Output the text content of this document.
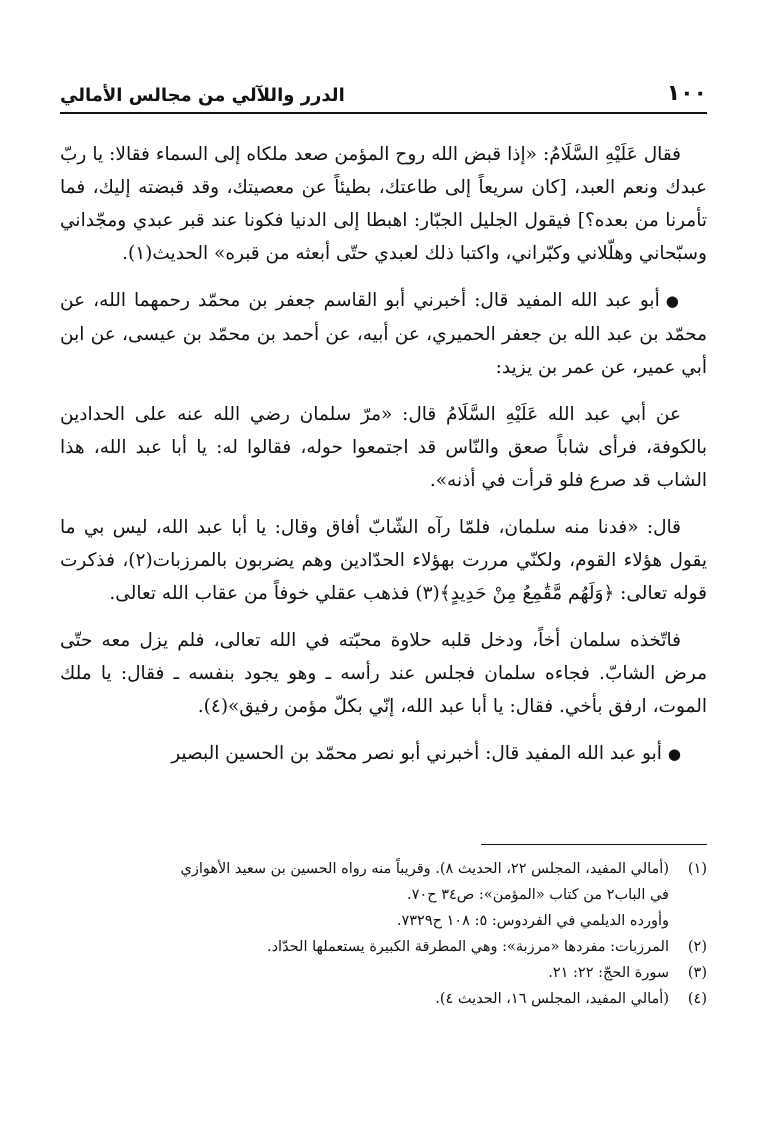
١٠٠
الدرر واللآلي من مجالس الأمالي

فقال عَلَيْهِ السَّلَامُ: «إذا قبض الله روح المؤمن صعد ملكاه إلى السماء فقالا: يا ربّ عبدك ونعم العبد، [كان سريعاً إلى طاعتك، بطيئاً عن معصيتك، وقد قبضته إليك، فما تأمرنا من بعده؟] فيقول الجليل الجبّار: اهبطا إلى الدنيا فكونا عند قبر عبدي ومجّداني وسبّحاني وهلّلاني وكبّراني، واكتبا ذلك لعبدي حتّى أبعثه من قبره» الحديث(١).

●أبو عبد الله المفيد قال: أخبرني أبو القاسم جعفر بن محمّد رحمهما الله، عن محمّد بن عبد الله بن جعفر الحميري، عن أبيه، عن أحمد بن محمّد بن عيسى، عن ابن أبي عمير، عن عمر بن يزيد:

عن أبي عبد الله عَلَيْهِ السَّلَامُ قال: «مرّ سلمان رضي الله عنه على الحدادين بالكوفة، فرأى شاباً صعق والنّاس قد اجتمعوا حوله، فقالوا له: يا أبا عبد الله، هذا الشاب قد صرع فلو قرأت في أذنه».

قال: «فدنا منه سلمان، فلمّا رآه الشّابّ أفاق وقال: يا أبا عبد الله، ليس بي ما يقول هؤلاء القوم، ولكنّي مررت بهؤلاء الحدّادين وهم يضربون بالمرزبات(٢)، فذكرت قوله تعالى: ﴿وَلَهُم مَّقَٰمِعُ مِنْ حَدِيدٍ﴾(٣) فذهب عقلي خوفاً من عقاب الله تعالى.

فاتّخذه سلمان أخاً، ودخل قلبه حلاوة محبّته في الله تعالى، فلم يزل معه حتّى مرض الشابّ. فجاءه سلمان فجلس عند رأسه ـ وهو يجود بنفسه ـ فقال: يا ملك الموت، ارفق بأخي. فقال: يا أبا عبد الله، إنّي بكلّ مؤمن رفيق»(٤).

●أبو عبد الله المفيد قال: أخبرني أبو نصر محمّد بن الحسين البصير

(١)
(أمالي المفيد، المجلس ٢٢، الحديث ٨). وقريباً منه رواه الحسين بن سعيد الأهوازي
في الباب٢ من كتاب «المؤمن»: ص٣٤ ح٧٠.
وأورده الديلمي في الفردوس: ٥: ١٠٨ ح٧٣٢٩.
(٢)
المرزبات: مفردها «مرزبة»: وهي المطرقة الكبيرة يستعملها الحدّاد.
(٣)
سورة الحجّ: ٢٢: ٢١.
(٤)
(أمالي المفيد، المجلس ١٦، الحديث ٤).
